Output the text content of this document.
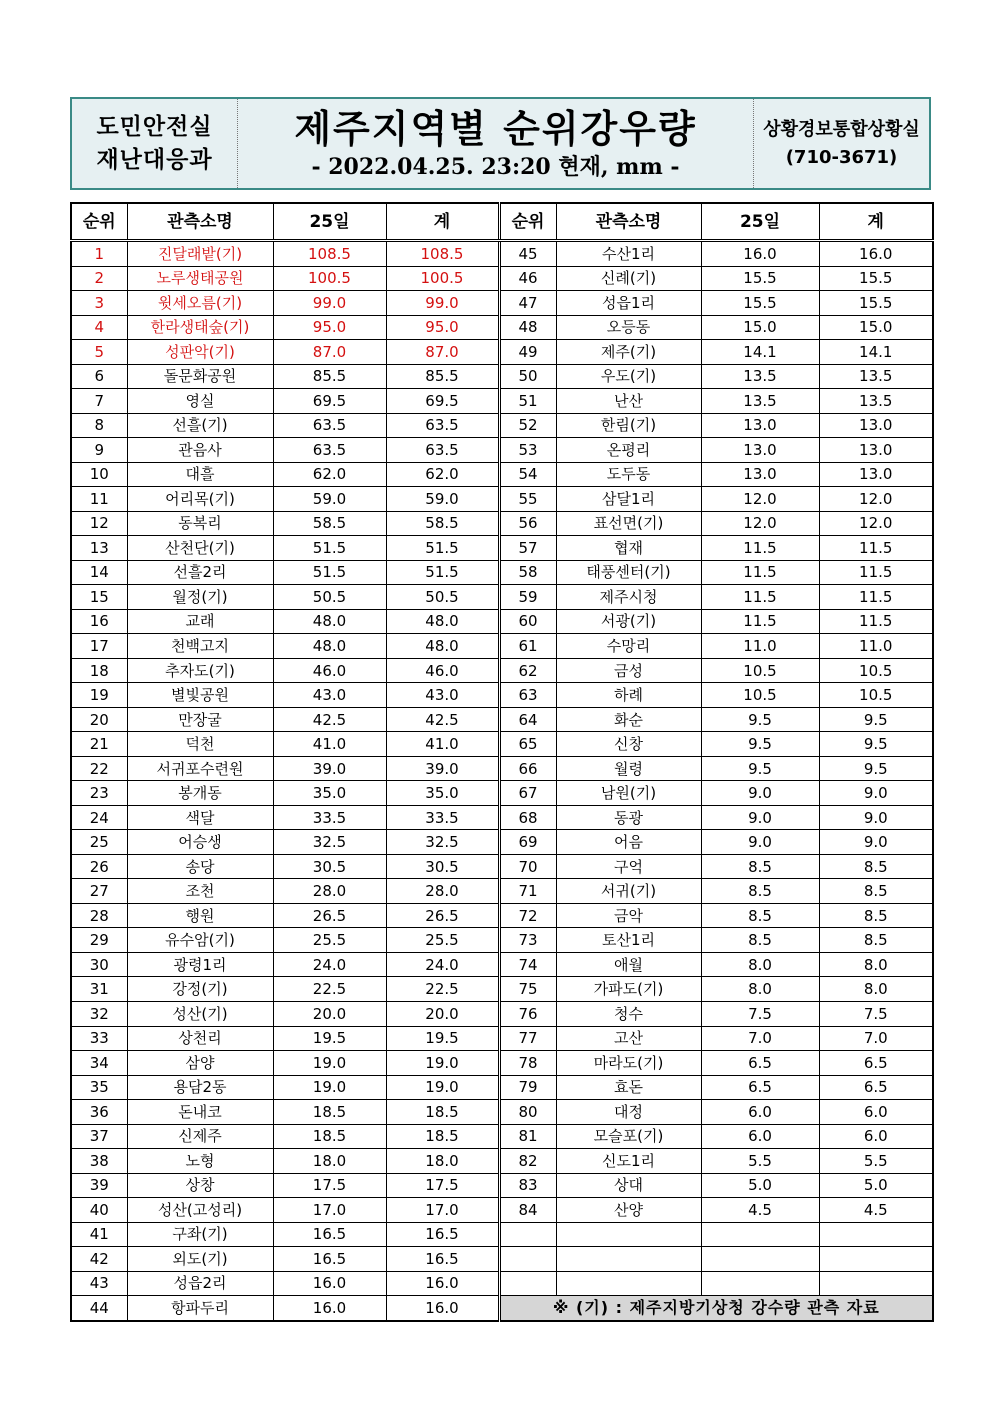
도민안전실
재난대응과
제주지역별 순위강우량
- 2022.04.25. 23:20 현재, mm -
상황경보통합상황실
(710-3671)
순위	관측소명	25일	계	순위	관측소명	25일	계
1	진달래밭(기)	108.5	108.5	45	수산1리	16.0	16.0
2	노루생태공원	100.5	100.5	46	신례(기)	15.5	15.5
3	윗세오름(기)	99.0	99.0	47	성읍1리	15.5	15.5
4	한라생태숲(기)	95.0	95.0	48	오등동	15.0	15.0
5	성판악(기)	87.0	87.0	49	제주(기)	14.1	14.1
6	돌문화공원	85.5	85.5	50	우도(기)	13.5	13.5
7	영실	69.5	69.5	51	난산	13.5	13.5
8	선흘(기)	63.5	63.5	52	한림(기)	13.0	13.0
9	관음사	63.5	63.5	53	온평리	13.0	13.0
10	대흘	62.0	62.0	54	도두동	13.0	13.0
11	어리목(기)	59.0	59.0	55	삼달1리	12.0	12.0
12	동복리	58.5	58.5	56	표선면(기)	12.0	12.0
13	산천단(기)	51.5	51.5	57	협재	11.5	11.5
14	선흘2리	51.5	51.5	58	태풍센터(기)	11.5	11.5
15	월정(기)	50.5	50.5	59	제주시청	11.5	11.5
16	교래	48.0	48.0	60	서광(기)	11.5	11.5
17	천백고지	48.0	48.0	61	수망리	11.0	11.0
18	추자도(기)	46.0	46.0	62	금성	10.5	10.5
19	별빛공원	43.0	43.0	63	하례	10.5	10.5
20	만장굴	42.5	42.5	64	화순	9.5	9.5
21	덕천	41.0	41.0	65	신창	9.5	9.5
22	서귀포수련원	39.0	39.0	66	월령	9.5	9.5
23	봉개동	35.0	35.0	67	남원(기)	9.0	9.0
24	색달	33.5	33.5	68	동광	9.0	9.0
25	어승생	32.5	32.5	69	어음	9.0	9.0
26	송당	30.5	30.5	70	구억	8.5	8.5
27	조천	28.0	28.0	71	서귀(기)	8.5	8.5
28	행원	26.5	26.5	72	금악	8.5	8.5
29	유수암(기)	25.5	25.5	73	토산1리	8.5	8.5
30	광령1리	24.0	24.0	74	애월	8.0	8.0
31	강정(기)	22.5	22.5	75	가파도(기)	8.0	8.0
32	성산(기)	20.0	20.0	76	청수	7.5	7.5
33	상천리	19.5	19.5	77	고산	7.0	7.0
34	삼양	19.0	19.0	78	마라도(기)	6.5	6.5
35	용담2동	19.0	19.0	79	효돈	6.5	6.5
36	돈내코	18.5	18.5	80	대정	6.0	6.0
37	신제주	18.5	18.5	81	모슬포(기)	6.0	6.0
38	노형	18.0	18.0	82	신도1리	5.5	5.5
39	상창	17.5	17.5	83	상대	5.0	5.0
40	성산(고성리)	17.0	17.0	84	산양	4.5	4.5
41	구좌(기)	16.5	16.5				
42	외도(기)	16.5	16.5				
43	성읍2리	16.0	16.0				
44	항파두리	16.0	16.0	※ (기) : 제주지방기상청 강수량 관측 자료			
